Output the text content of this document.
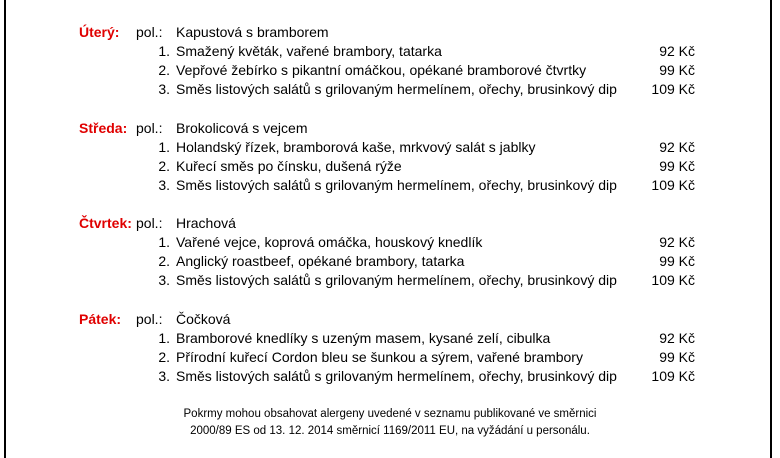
Úterý: pol.: Kapustová s bramborem
1. Smažený květák, vařené brambory, tatarka	92 Kč
2. Vepřové žebírko s pikantní omáčkou, opékané bramborové čtvrtky	99 Kč
3. Směs listových salátů s grilovaným hermelínem, ořechy, brusinkový dip 109 Kč
Středa: pol.: Brokolicová s vejcem
1. Holandský řízek, bramborová kaše, mrkvový salát s jablky	92 Kč
2. Kuřecí směs po čínsku, dušená rýže	99 Kč
3. Směs listových salátů s grilovaným hermelínem, ořechy, brusinkový dip 109 Kč
Čtvrtek: pol.: Hrachová
1. Vařené vejce, koprová omáčka, houskový knedlík	92 Kč
2. Anglický roastbeef, opékané brambory, tatarka	99 Kč
3. Směs listových salátů s grilovaným hermelínem, ořechy, brusinkový dip 109 Kč
Pátek: pol.: Čočková
1. Bramborové knedlíky s uzeným masem, kysané zelí, cibulka	92 Kč
2. Přírodní kuřecí Cordon bleu se šunkou a sýrem, vařené brambory	99 Kč
3. Směs listových salátů s grilovaným hermelínem, ořechy, brusinkový dip 109 Kč
Pokrmy mohou obsahovat alergeny uvedené v seznamu publikované ve směrnici
2000/89 ES od 13. 12. 2014 směrnicí 1169/2011 EU, na vyžádání u personálu.
